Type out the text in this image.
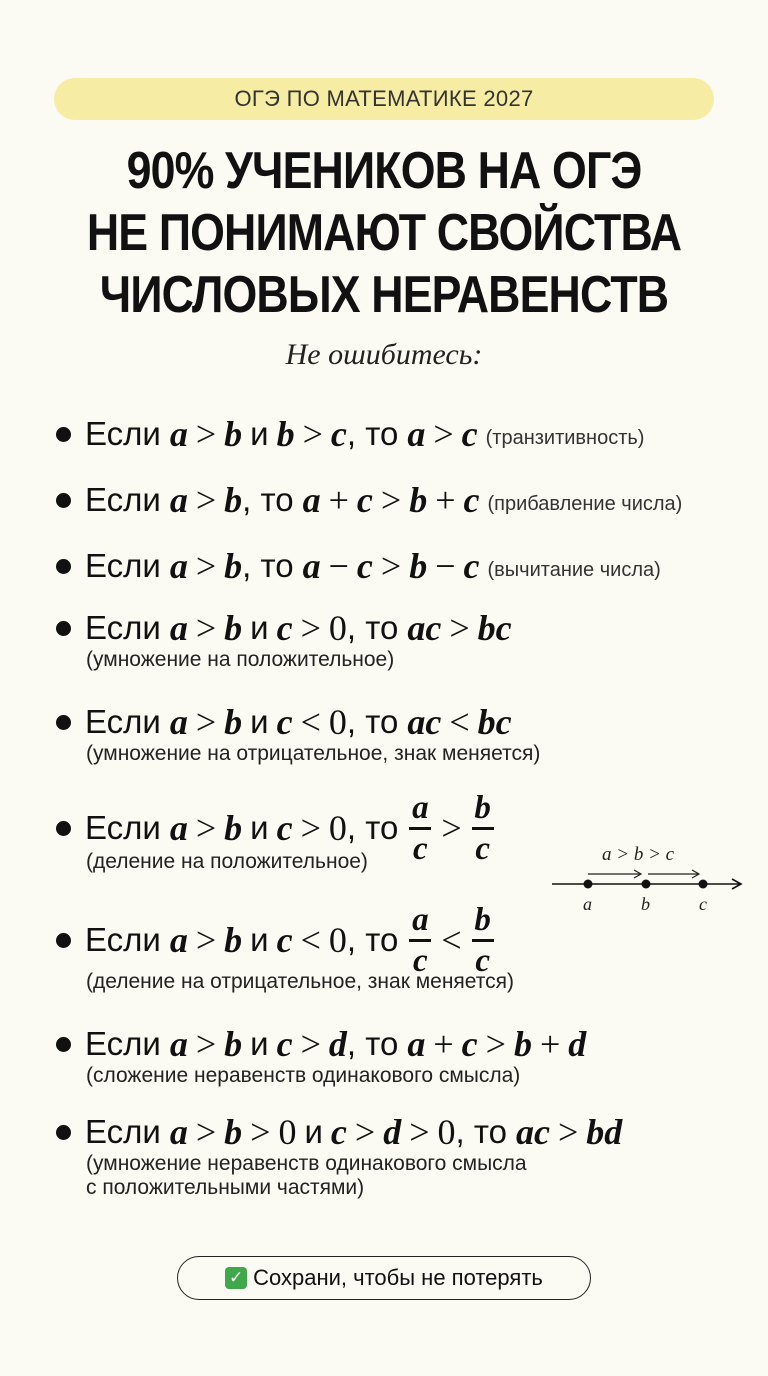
ОГЭ ПО МАТЕМАТИКЕ 2027
90% УЧЕНИКОВ НА ОГЭ
НЕ ПОНИМАЮТ СВОЙСТВА
ЧИСЛОВЫХ НЕРАВЕНСТВ
Не ошибитесь:
Если a > b и b > c , то a > c (транзитивность)
Если a > b , то a + c > b + c (прибавление числа)
Если a > b , то a − c > b − c (вычитание числа)
Если a > b и c > 0 , то ac > bc
(умножение на положительное)
Если a > b и c < 0 , то ac < bc
(умножение на отрицательное, знак меняется)
Если a > b и c > 0 , то $\frac{a}{c} > \frac{b}{c}$
(деление на положительное)	a > b > c
a	b	c
Если a > b и c < 0 , то $\frac{a}{c} < \frac{b}{c}$
(деление на отрицательное, знак меняется)
Если a > b и c > d , то a + c > b + d
(сложение неравенств одинакового смысла)
Если a > b > 0 и c > d > 0 , то ac > bd
(умножение неравенств одинакового смысла
с положительными частями)
✓ Сохрани, чтобы не потерять
